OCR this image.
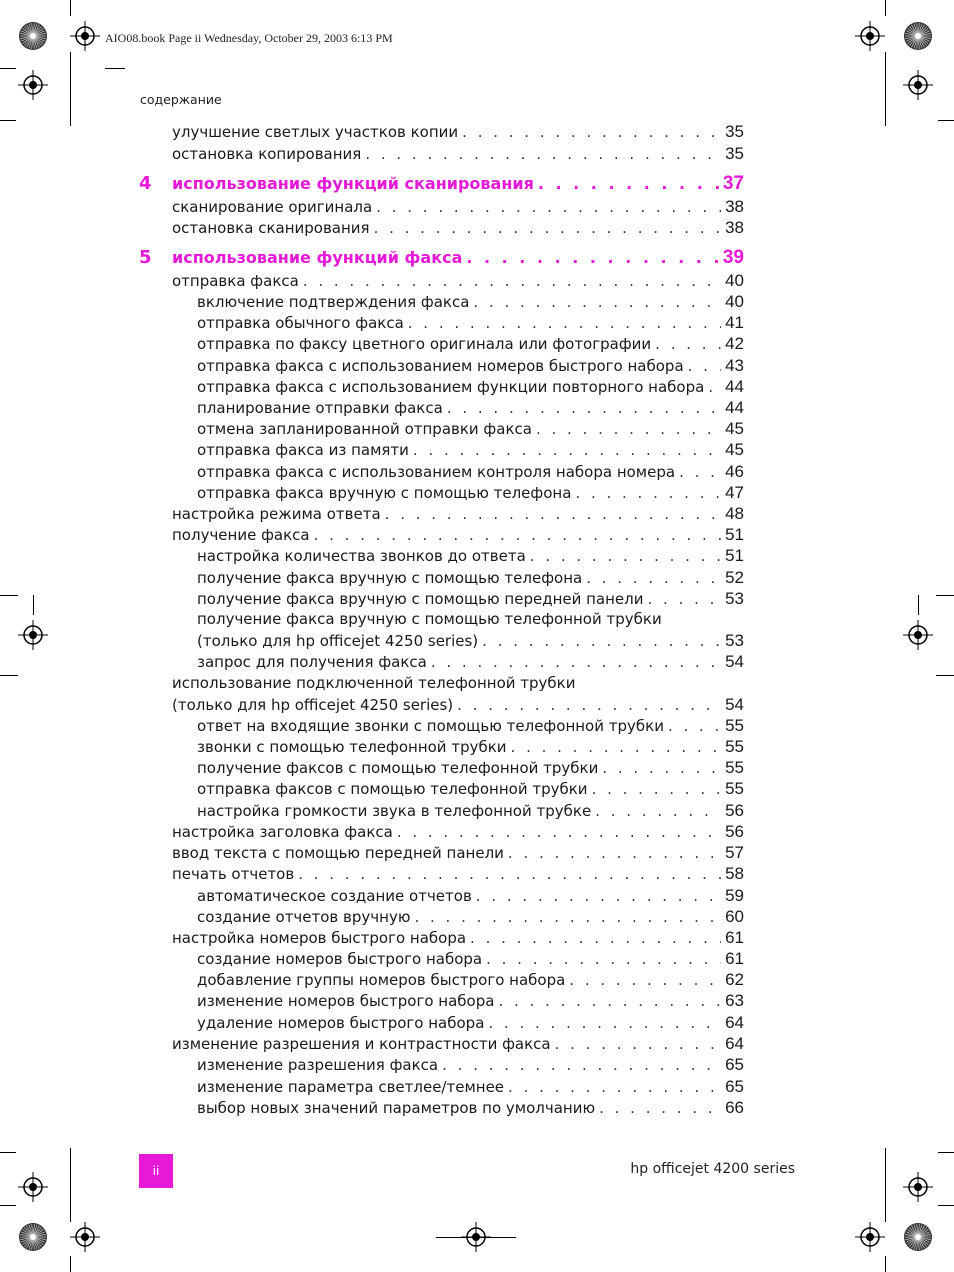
AIO08.book Page ii Wednesday, October 29, 2003 6:13 PM
содержание
улучшение светлых участков копии . . .	35
остановка копирования . . .	35
4 использование функций сканирования . . .	37
сканирование оригинала . . .	38
остановка сканирования . . .	38
5 использование функций факса . . .	39
отправка факса . . .	40
включение подтверждения факса . . .	40
отправка обычного факса . . .	41
отправка по факсу цветного оригинала или фотографии . . .	42
отправка факса с использованием номеров быстрого набора . . . 43
отправка факса с использованием функции повторного набора . . . 44
планирование отправки факса . . .	44
отмена запланированной отправки факса . . .	45
отправка факса из памяти . . .	45
отправка факса с использованием контроля набора номера . . .	46
отправка факса вручную с помощью телефона . . .	47
настройка режима ответа . . .	48
получение факса . . .	51
настройка количества звонков до ответа . . .	51
получение факса вручную с помощью телефона . . .	52
получение факса вручную с помощью передней панели . . .	53
получение факса вручную с помощью телефонной трубки
(только для hp officejet 4250 series) . . .	53
запрос для получения факса . . .	54
использование подключенной телефонной трубки
(только для hp officejet 4250 series) . . .	54
ответ на входящие звонки с помощью телефонной трубки . . .	55
звонки с помощью телефонной трубки . . .	55
получение факсов с помощью телефонной трубки . . .	55
отправка факсов с помощью телефонной трубки . . .	55
настройка громкости звука в телефонной трубке . . .	56
настройка заголовка факса . . .	56
ввод текста с помощью передней панели . . .	57
печать отчетов . . .	58
автоматическое создание отчетов . . .	59
создание отчетов вручную . . .	60
настройка номеров быстрого набора . . .	61
создание номеров быстрого набора . . .	61
добавление группы номеров быстрого набора . . .	62
изменение номеров быстрого набора . . .	63
удаление номеров быстрого набора . . .	64
изменение разрешения и контрастности факса . . .	64
изменение разрешения факса . . .	65
изменение параметра светлее/темнее . . .	65
выбор новых значений параметров по умолчанию . . .	66
ii	hp officejet 4200 series
